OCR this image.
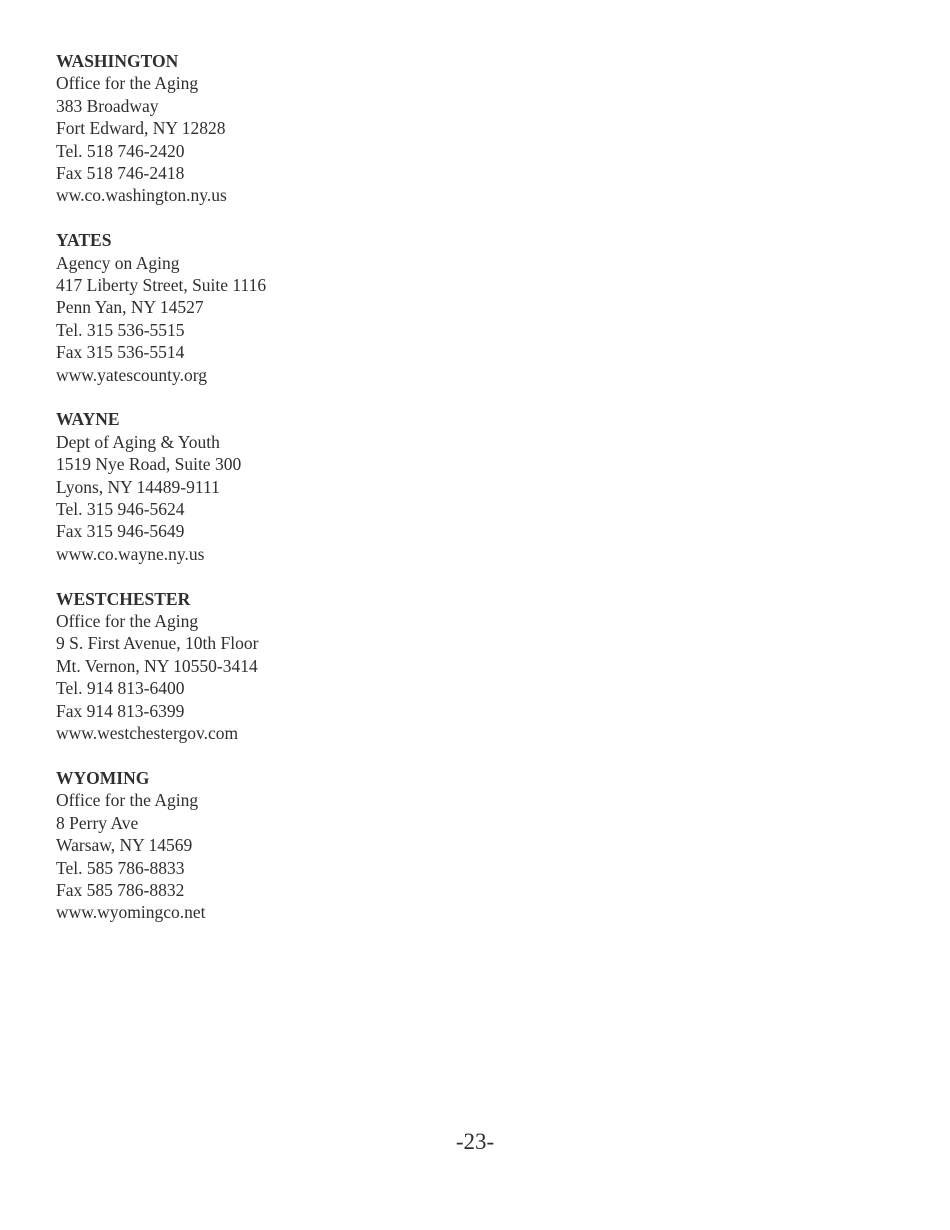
WASHINGTON
Office for the Aging
383 Broadway
Fort Edward, NY 12828
Tel. 518 746-2420
Fax 518 746-2418
ww.co.washington.ny.us
YATES
Agency on Aging
417 Liberty Street, Suite 1116
Penn Yan, NY 14527
Tel. 315 536-5515
Fax 315 536-5514
www.yatescounty.org
WAYNE
Dept of Aging & Youth
1519 Nye Road, Suite 300
Lyons, NY 14489-9111
Tel. 315 946-5624
Fax 315 946-5649
www.co.wayne.ny.us
WESTCHESTER
Office for the Aging
9 S. First Avenue, 10th Floor
Mt. Vernon, NY 10550-3414
Tel. 914 813-6400
Fax 914 813-6399
www.westchestergov.com
WYOMING
Office for the Aging
8 Perry Ave
Warsaw, NY 14569
Tel. 585 786-8833
Fax 585 786-8832
www.wyomingco.net
-23-
